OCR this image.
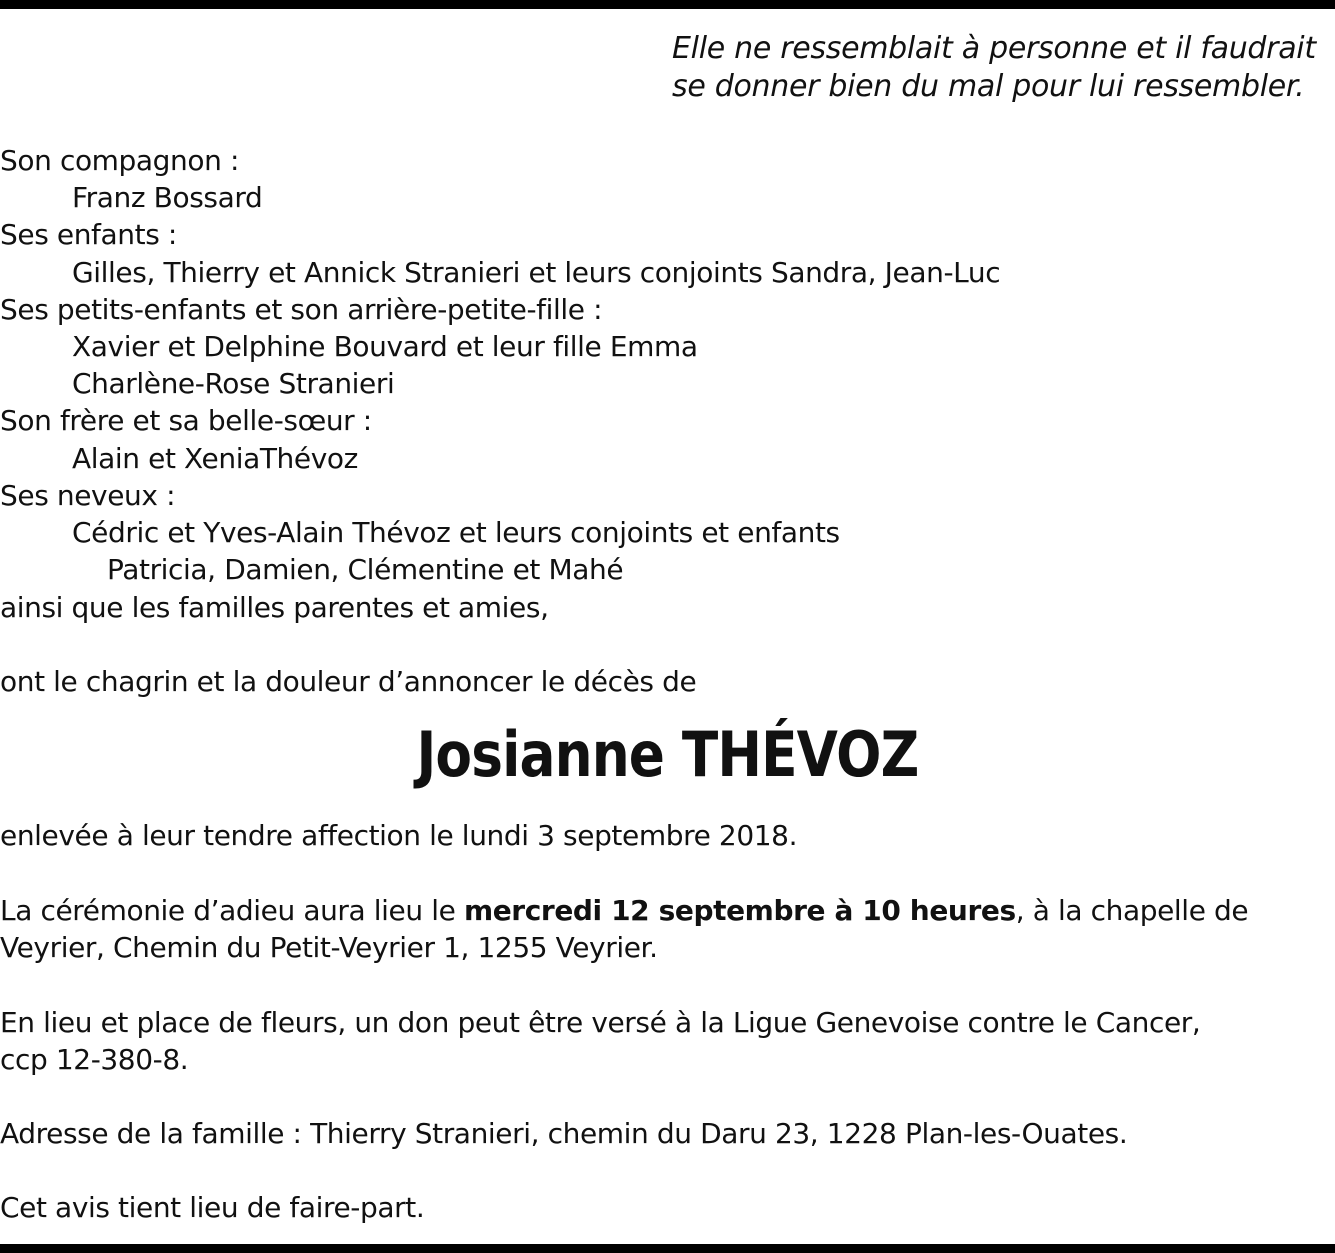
Elle ne ressemblait à personne et il faudrait
se donner bien du mal pour lui ressembler.
Son compagnon :
Franz Bossard
Ses enfants :
Gilles, Thierry et Annick Stranieri et leurs conjoints Sandra, Jean-Luc
Ses petits-enfants et son arrière-petite-fille :
Xavier et Delphine Bouvard et leur fille Emma
Charlène-Rose Stranieri
Son frère et sa belle-sœur :
Alain et XeniaThévoz
Ses neveux :
Cédric et Yves-Alain Thévoz et leurs conjoints et enfants
Patricia, Damien, Clémentine et Mahé
ainsi que les familles parentes et amies,
ont le chagrin et la douleur d’annoncer le décès de
Josianne THÉVOZ
enlevée à leur tendre affection le lundi 3 septembre 2018.
La cérémonie d’adieu aura lieu le mercredi 12 septembre à 10 heures, à la chapelle de
Veyrier, Chemin du Petit-Veyrier 1, 1255 Veyrier.
En lieu et place de fleurs, un don peut être versé à la Ligue Genevoise contre le Cancer,
ccp 12-380-8.
Adresse de la famille : Thierry Stranieri, chemin du Daru 23, 1228 Plan-les-Ouates.
Cet avis tient lieu de faire-part.
